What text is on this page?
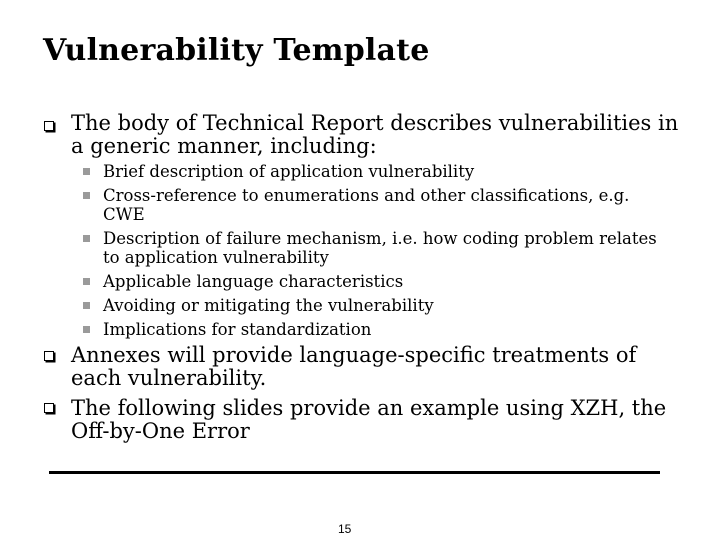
Vulnerability Template
The body of Technical Report describes vulnerabilities in a generic manner, including:
Brief description of application vulnerability
Cross-reference to enumerations and other classifications, e.g. CWE
Description of failure mechanism, i.e. how coding problem relates to application vulnerability
Applicable language characteristics
Avoiding or mitigating the vulnerability
Implications for standardization
Annexes will provide language-specific treatments of each vulnerability.
The following slides provide an example using XZH, the Off-by-One Error
15
